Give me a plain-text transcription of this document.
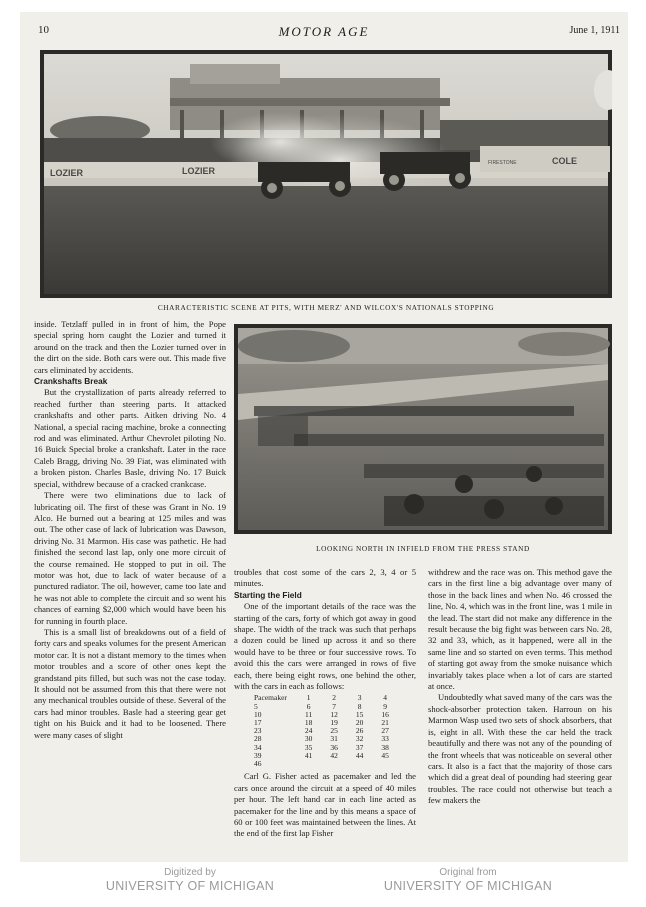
10	MOTOR AGE	June 1, 1911
LOZIER	LOZIER
COLE
FIRESTONE
CHARACTERISTIC SCENE AT PITS, WITH MERZ' AND WILCOX'S NATIONALS STOPPING
LOOKING NORTH IN INFIELD FROM THE PRESS STAND

inside. Tetzlaff pulled in in front of him, the Pope special spring horn caught the Lozier and turned it around on the track and then the Lozier turned over in the dirt on the side. Both cars were out. This made five cars eliminated by accidents.

Crankshafts Break

But the crystallization of parts already referred to reached further than steering parts. It attacked crankshafts and other parts. Aitken driving No. 4 National, a special racing machine, broke a connecting rod and was eliminated. Arthur Chevrolet piloting No. 16 Buick Special broke a crankshaft. Later in the race Caleb Bragg, driving No. 39 Fiat, was eliminated with a broken piston. Charles Basle, driving No. 17 Buick special, withdrew because of a cracked crankcase.

There were two eliminations due to lack of lubricating oil. The first of these was Grant in No. 19 Alco. He burned out a bearing at 125 miles and was out. The other case of lack of lubrication was Dawson, driving No. 31 Marmon. His case was pathetic. He had finished the second last lap, only one more circuit of the course remained. He stopped to put in oil. The motor was hot, due to lack of water because of a punctured radiator. The oil, however, came too late and he was not able to complete the circuit and so went his chances of earning $2,000 which would have been his for running in fourth place.

This is a small list of breakdowns out of a field of forty cars and speaks volumes for the present American motor car. It is not a distant memory to the times when motor troubles and a score of other ones kept the grandstand pits filled, but such was not the case today. It should not be assumed from this that there were not any mechanical troubles outside of these. Several of the cars had minor troubles. Basle had a steering gear get tight on his Buick and it had to be loosened. There were many cases of slight

troubles that cost some of the cars 2, 3, 4 or 5 minutes.

Starting the Field

One of the important details of the race was the starting of the cars, forty of which got away in good shape. The width of the track was such that perhaps a dozen could be lined up across it and so there would have to be three or four successive rows. To avoid this the cars were arranged in rows of five each, there being eight rows, one behind the other, with the cars in each as follows:

Pacemaker	1	2	3	4
5	6	7	8	9
10	11	12	15	16
17	18	19	20	21
23	24	25	26	27
28	30	31	32	33
34	35	36	37	38
39	41	42	44	45
46				

Carl G. Fisher acted as pacemaker and led the cars once around the circuit at a speed of 40 miles per hour. The left hand car in each line acted as pacemaker for the line and by this means a space of 60 or 100 feet was maintained between the lines. At the end of the first lap Fisher

withdrew and the race was on. This method gave the cars in the first line a big advantage over many of those in the back lines and when No. 46 crossed the line, No. 4, which was in the front line, was 1 mile in the lead. The start did not make any difference in the result because the big fight was between cars No. 28, 32 and 33, which, as it happened, were all in the same line and so started on even terms. This method of starting got away from the smoke nuisance which invariably takes place when a lot of cars are started at once.

Undoubtedly what saved many of the cars was the shock-absorber protection taken. Harroun on his Marmon Wasp used two sets of shock absorbers, that is, eight in all. With these the car held the track beautifully and there was not any of the pounding of the front wheels that was noticeable on several other cars. It also is a fact that the majority of those cars which did a great deal of pounding had steering gear troubles. The race could not otherwise but teach a few makers the

Digitized by
UNIVERSITY OF MICHIGAN
Original from
UNIVERSITY OF MICHIGAN
